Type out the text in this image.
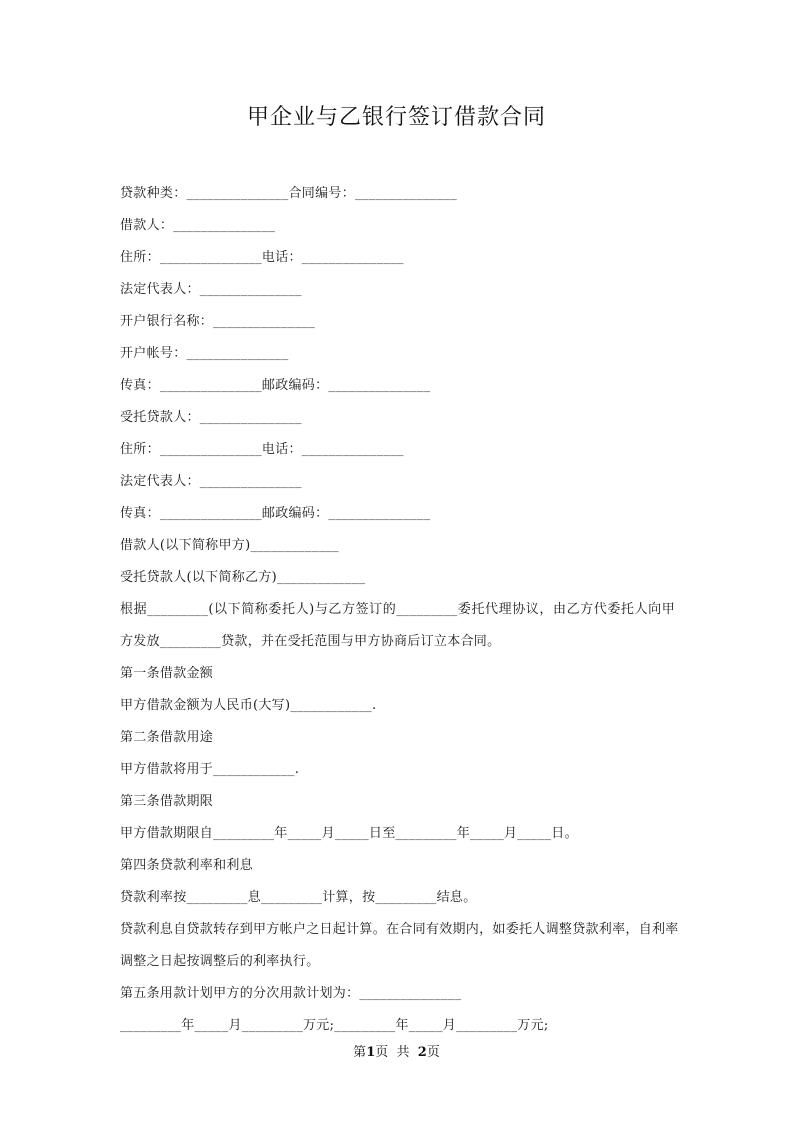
甲企业与乙银行签订借款合同
贷款种类：_______________合同编号：_______________
借款人：_______________
住所：_______________电话：_______________
法定代表人：_______________
开户银行名称：_______________
开户帐号：_______________
传真：_______________邮政编码：_______________
受托贷款人：_______________
住所：_______________电话：_______________
法定代表人：_______________
传真：_______________邮政编码：_______________
借款人(以下简称甲方)_____________
受托贷款人(以下简称乙方)_____________
根据_________(以下简称委托人)与乙方签订的_________委托代理协议，由乙方代委托人向甲
方发放_________贷款，并在受托范围与甲方协商后订立本合同。
第一条借款金额
甲方借款金额为人民币(大写)____________.
第二条借款用途
甲方借款将用于____________.
第三条借款期限
甲方借款期限自_________年_____月_____日至_________年_____月_____日。
第四条贷款利率和利息
贷款利率按_________息_________计算，按_________结息。
贷款利息自贷款转存到甲方帐户之日起计算。在合同有效期内，如委托人调整贷款利率，自利率
调整之日起按调整后的利率执行。
第五条用款计划甲方的分次用款计划为：_______________
_________年_____月_________万元;_________年_____月_________万元;
第1页  共  2页
